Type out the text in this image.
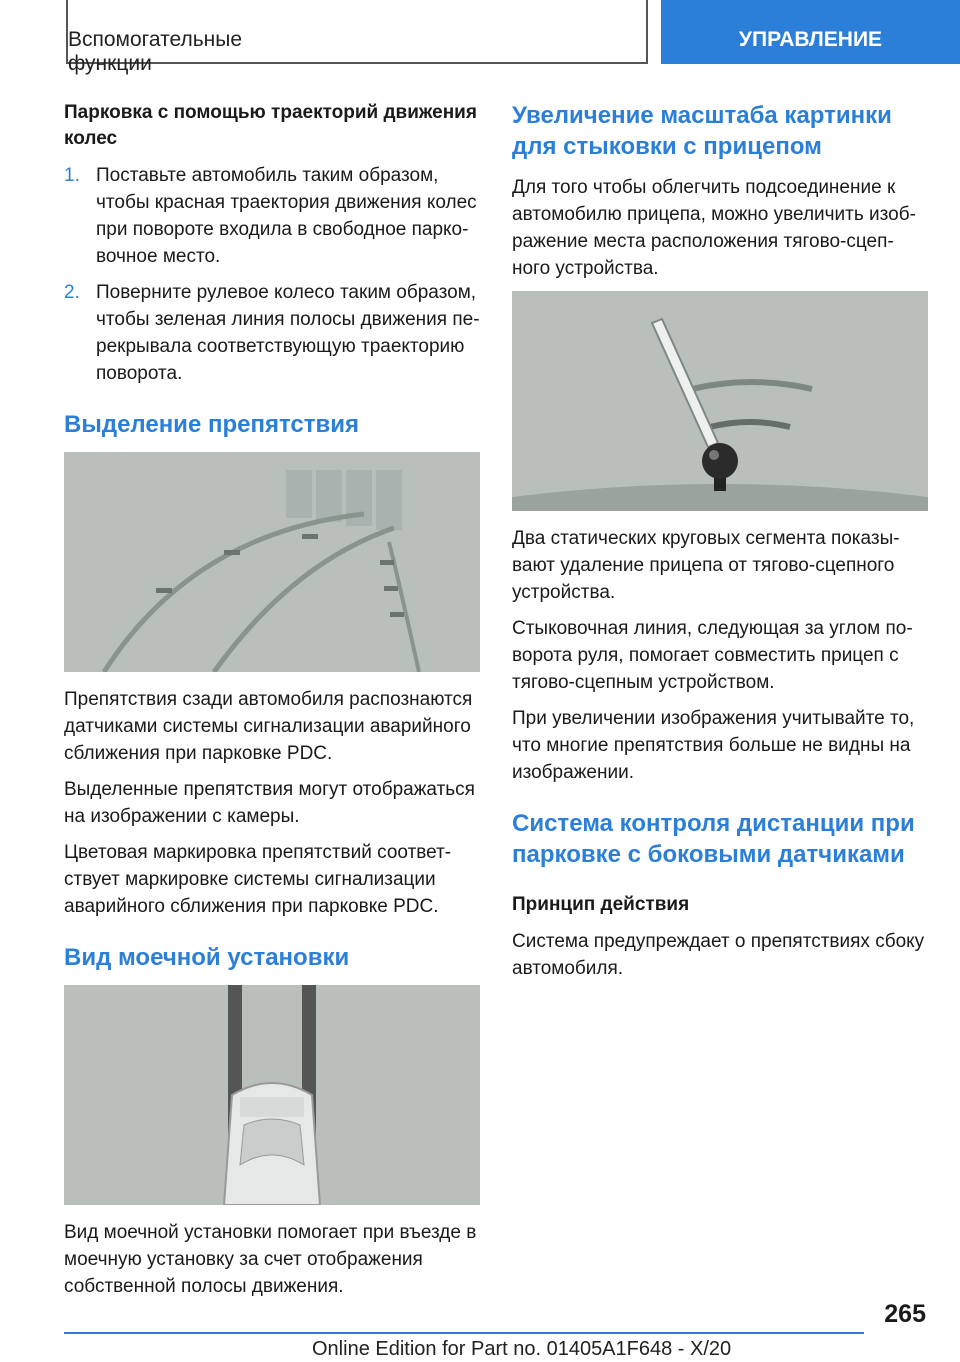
Вспомогательные функции
УПРАВЛЕНИЕ
Парковка с помощью траекторий движения колес
1. Поставьте автомобиль таким образом, чтобы красная траектория движения колес при повороте входила в свободное парко-вочное место.
2. Поверните рулевое колесо таким образом, чтобы зеленая линия полосы движения пе-рекрывала соответствующую траекторию поворота.
Выделение препятствия

Препятствия сзади автомобиля распознаются датчиками системы сигнализации аварийного сближения при парковке PDC.

Выделенные препятствия могут отображаться на изображении с камеры.

Цветовая маркировка препятствий соответ-ствует маркировке системы сигнализации аварийного сближения при парковке PDC.

Вид моечной установки

Вид моечной установки помогает при въезде в моечную установку за счет отображения собственной полосы движения.

Увеличение масштаба картинки для стыковки с прицепом

Для того чтобы облегчить подсоединение к автомобилю прицепа, можно увеличить изоб-ражение места расположения тягово-сцеп-ного устройства.

Два статических круговых сегмента показы-вают удаление прицепа от тягово-сцепного устройства.

Стыковочная линия, следующая за углом по-ворота руля, помогает совместить прицеп с тягово-сцепным устройством.

При увеличении изображения учитывайте то, что многие препятствия больше не видны на изображении.

Система контроля дистанции при парковке с боковыми датчиками
Принцип действия

Система предупреждает о препятствиях сбоку автомобиля.

265
Online Edition for Part no. 01405A1F648 - X/20
